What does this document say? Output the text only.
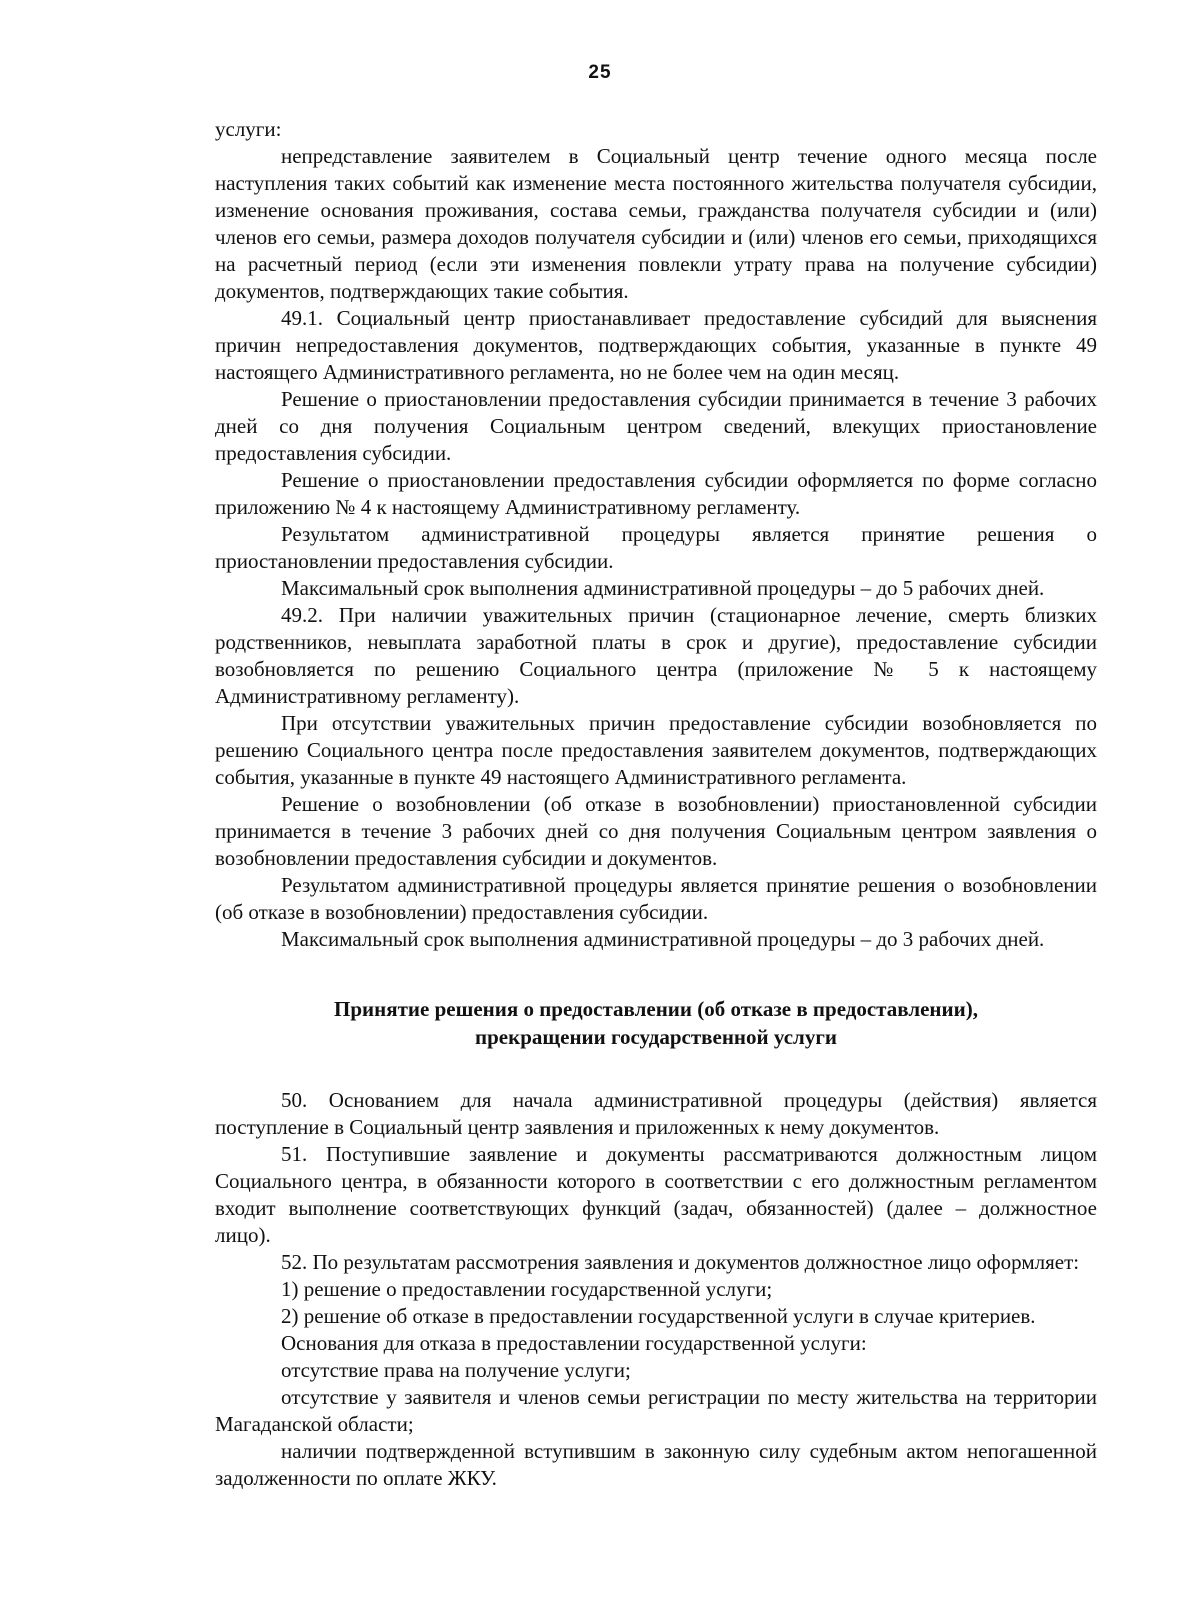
25

услуги:

непредставление заявителем в Социальный центр течение одного месяца после наступления таких событий как изменение места постоянного жительства получателя субсидии, изменение основания проживания, состава семьи, гражданства получателя субсидии и (или) членов его семьи, размера доходов получателя субсидии и (или) членов его семьи, приходящихся на расчетный период (если эти изменения повлекли утрату права на получение субсидии) документов, подтверждающих такие события.

49.1. Социальный центр приостанавливает предоставление субсидий для выяснения причин непредоставления документов, подтверждающих события, указанные в пункте 49 настоящего Административного регламента, но не более чем на один месяц.

Решение о приостановлении предоставления субсидии принимается в течение 3 рабочих дней со дня получения Социальным центром сведений, влекущих приостановление предоставления субсидии.

Решение о приостановлении предоставления субсидии оформляется по форме согласно приложению № 4 к настоящему Административному регламенту.

Результатом административной процедуры является принятие решения о приостановлении предоставления субсидии.

Максимальный срок выполнения административной процедуры – до 5 рабочих дней.

49.2. При наличии уважительных причин (стационарное лечение, смерть близких родственников, невыплата заработной платы в срок и другие), предоставление субсидии возобновляется по решению Социального центра (приложение № 5 к настоящему Административному регламенту).

При отсутствии уважительных причин предоставление субсидии возобновляется по решению Социального центра после предоставления заявителем документов, подтверждающих события, указанные в пункте 49 настоящего Административного регламента.

Решение о возобновлении (об отказе в возобновлении) приостановленной субсидии принимается в течение 3 рабочих дней со дня получения Социальным центром заявления о возобновлении предоставления субсидии и документов.

Результатом административной процедуры является принятие решения о возобновлении (об отказе в возобновлении) предоставления субсидии.

Максимальный срок выполнения административной процедуры – до 3 рабочих дней.

Принятие решения о предоставлении (об отказе в предоставлении),
прекращении государственной услуги

50. Основанием для начала административной процедуры (действия) является поступление в Социальный центр заявления и приложенных к нему документов.

51. Поступившие заявление и документы рассматриваются должностным лицом Социального центра, в обязанности которого в соответствии с его должностным регламентом входит выполнение соответствующих функций (задач, обязанностей) (далее – должностное лицо).

52. По результатам рассмотрения заявления и документов должностное лицо оформляет:

1) решение о предоставлении государственной услуги;

2) решение об отказе в предоставлении государственной услуги в случае критериев.

Основания для отказа в предоставлении государственной услуги:

отсутствие права на получение услуги;

отсутствие у заявителя и членов семьи регистрации по месту жительства на территории Магаданской области;

наличии подтвержденной вступившим в законную силу судебным актом непогашенной задолженности по оплате ЖКУ.
